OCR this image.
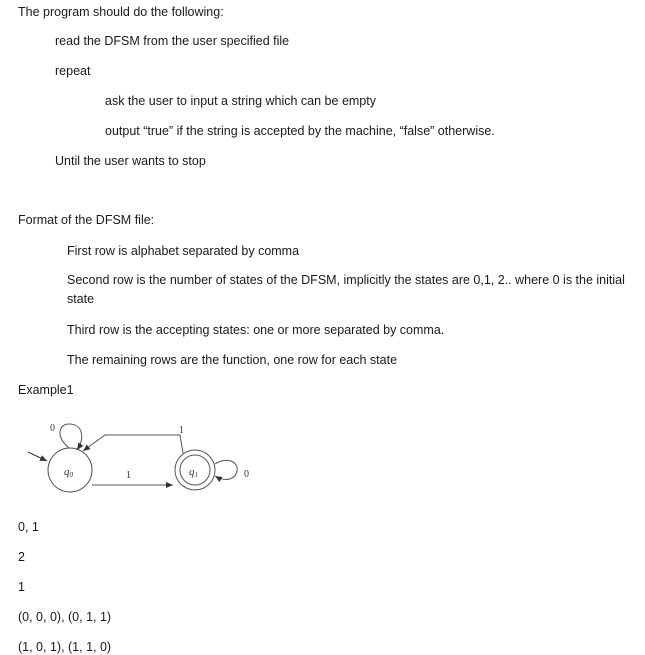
The program should do the following:
read the DFSM from the user specified file
repeat
ask the user to input a string which can be empty
output “true” if the string is accepted by the machine, “false” otherwise.
Until the user wants to stop
Format of the DFSM file:
First row is alphabet separated by comma
Second row is the number of states of the DFSM, implicitly the states are 0,1, 2.. where 0 is the initial state
Third row is the accepting states: one or more separated by comma.
The remaining rows are the function, one row for each state
Example1
q0	q1
0
1
1
0
0, 1
2
1
(0, 0, 0), (0, 1, 1)
(1, 0, 1), (1, 1, 0)
